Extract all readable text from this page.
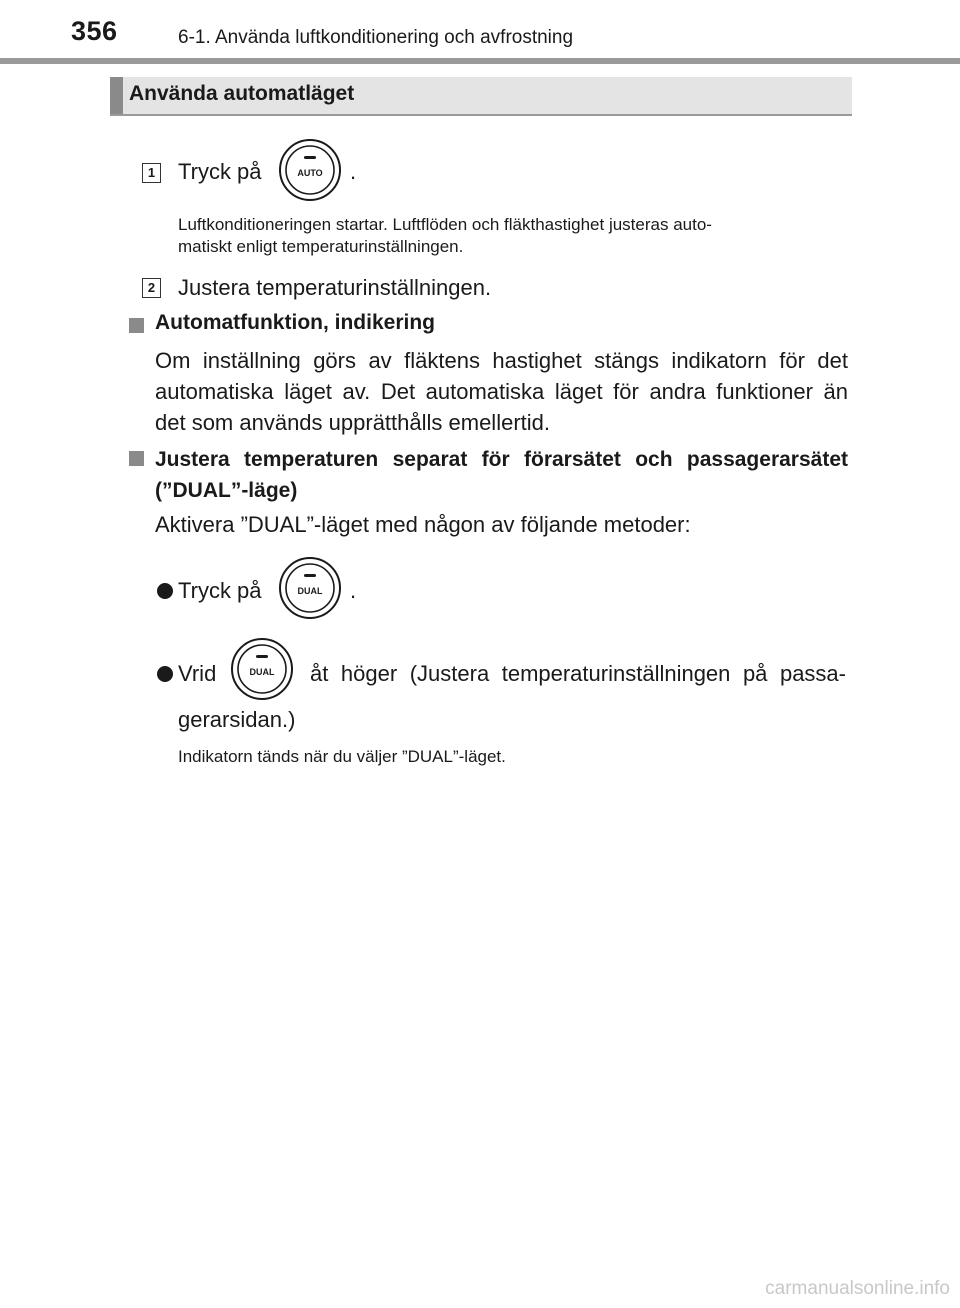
356	6-1. Använda luftkonditionering och avfrostning
Använda automatläget
1 Tryck på	AUTO .
Luftkonditioneringen startar. Luftflöden och fläkthastighet justeras auto-
matiskt enligt temperaturinställningen.
2 Justera temperaturinställningen.
Automatfunktion, indikering
Om inställning görs av fläktens hastighet stängs indikatorn för det
automatiska läget av. Det automatiska läget för andra funktioner än
det som används upprätthålls emellertid.
Justera temperaturen separat för förarsätet och passagerarsätet
(”DUAL”-läge)
Aktivera ”DUAL”-läget med någon av följande metoder:
Tryck på	DUAL .
Vrid	DUAL åt höger (Justera temperaturinställningen på passa-
gerarsidan.)
Indikatorn tänds när du väljer ”DUAL”-läget.
carmanualsonline.info
